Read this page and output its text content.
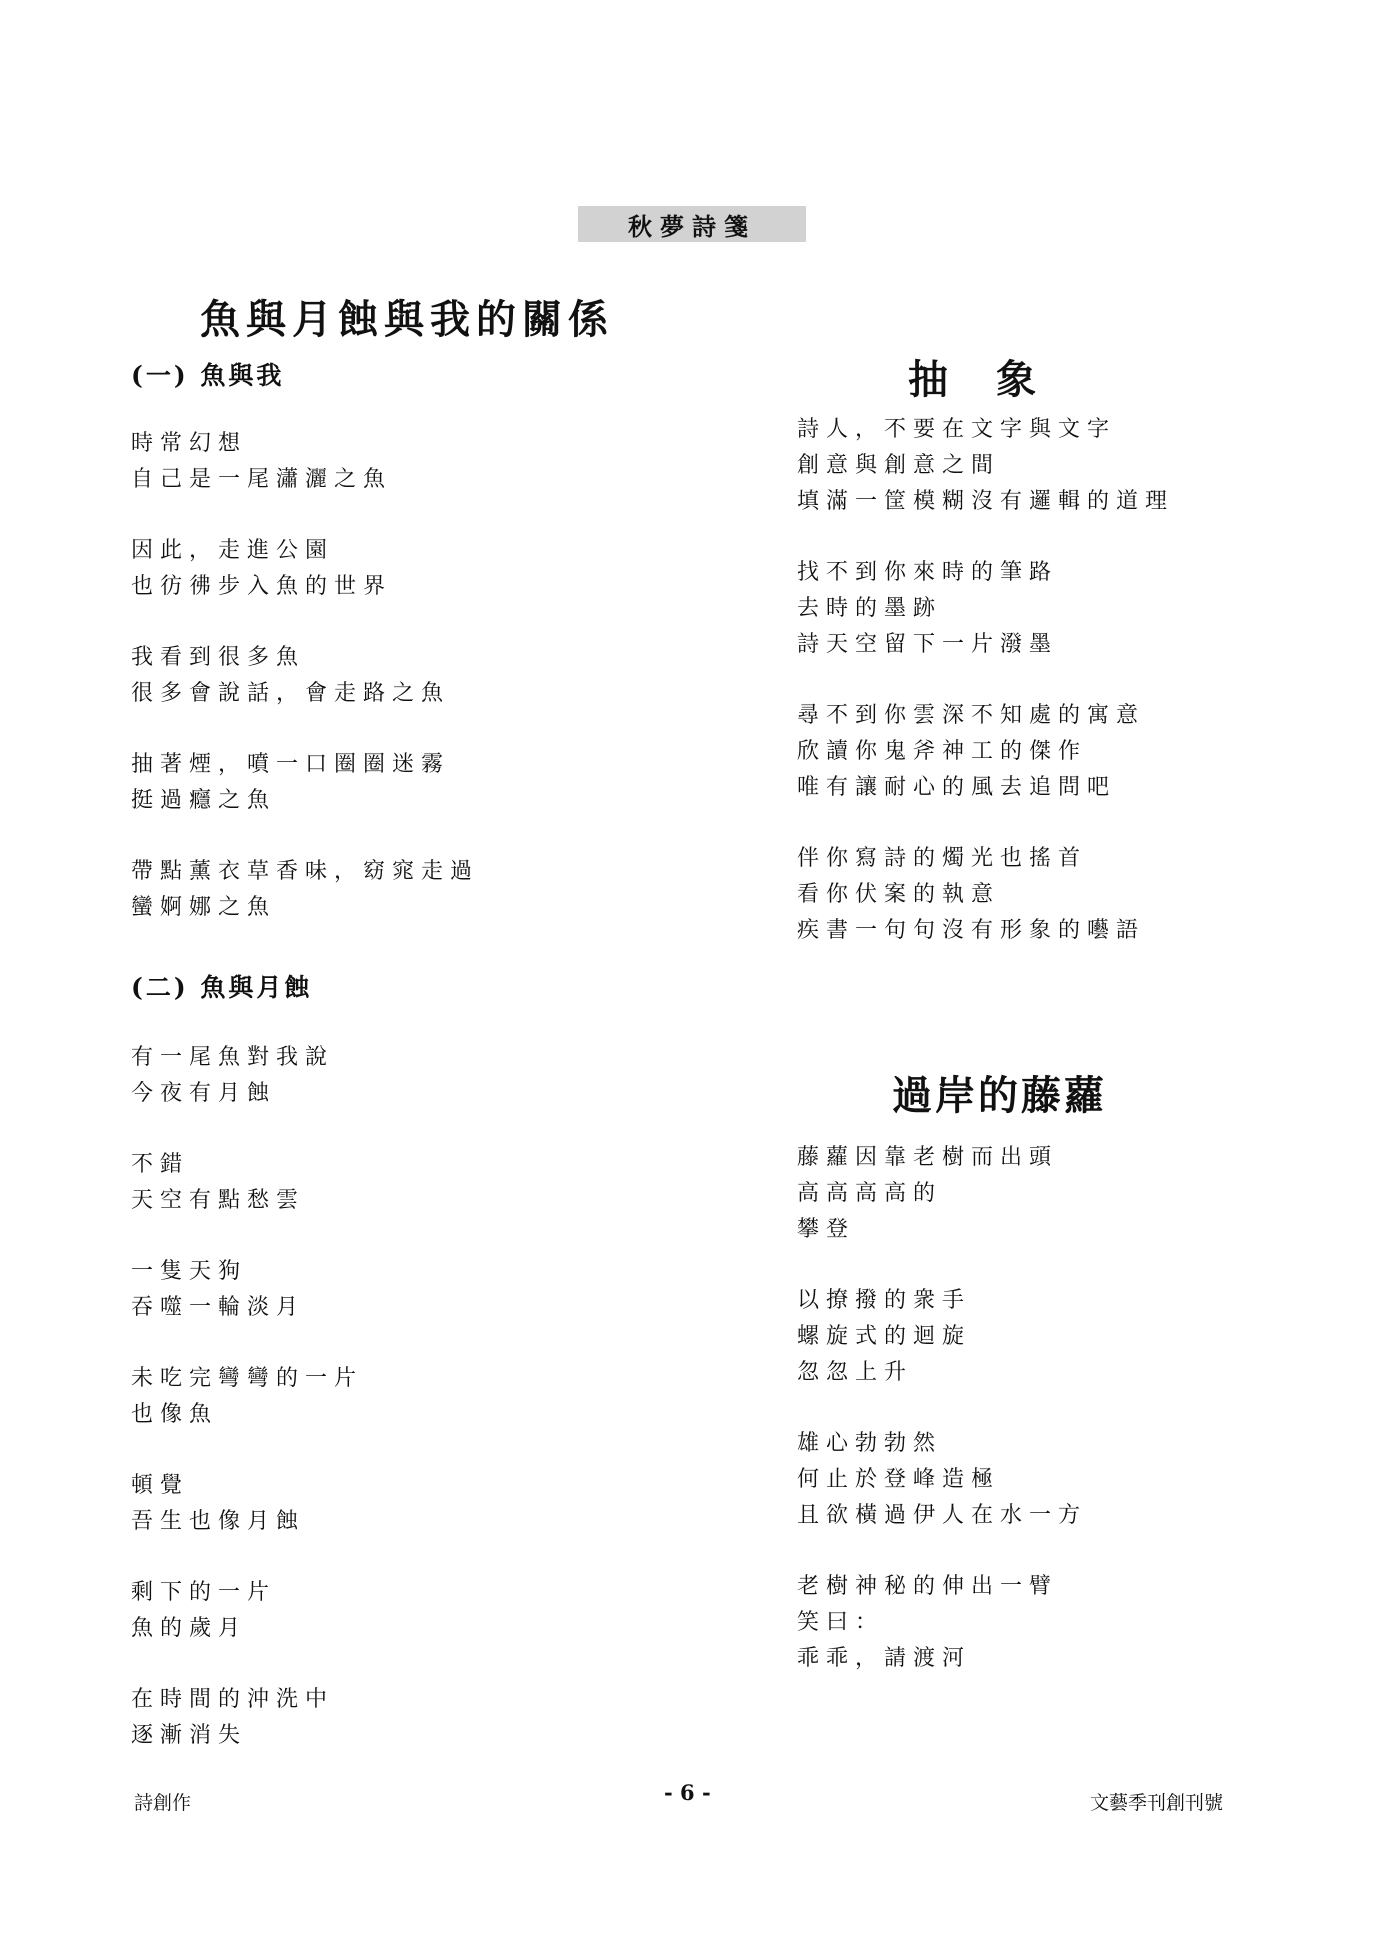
秋夢詩箋
魚與月蝕與我的關係
(一) 魚與我
時常幻想
自己是一尾瀟灑之魚
因此，走進公園
也彷彿步入魚的世界
我看到很多魚
很多會說話，會走路之魚
抽著煙，噴一口圈圈迷霧
挺過癮之魚
帶點薰衣草香味，窈窕走過
蠻婀娜之魚
(二) 魚與月蝕
有一尾魚對我說
今夜有月蝕
不錯
天空有點愁雲
一隻天狗
吞噬一輪淡月
未吃完彎彎的一片
也像魚
頓覺
吾生也像月蝕
剩下的一片
魚的歲月
在時間的沖洗中
逐漸消失
抽　象
詩人，不要在文字與文字
創意與創意之間
填滿一筐模糊沒有邏輯的道理
找不到你來時的筆路
去時的墨跡
詩天空留下一片潑墨
尋不到你雲深不知處的寓意
欣讀你鬼斧神工的傑作
唯有讓耐心的風去追問吧
伴你寫詩的燭光也搖首
看你伏案的執意
疾書一句句沒有形象的囈語
過岸的藤蘿
藤蘿因靠老樹而出頭
高高高高的
攀登
以撩撥的衆手
螺旋式的迴旋
忽忽上升
雄心勃勃然
何止於登峰造極
且欲橫過伊人在水一方
老樹神秘的伸出一臂
笑曰：
乖乖，請渡河
詩創作	- 6 -	文藝季刊創刊號
